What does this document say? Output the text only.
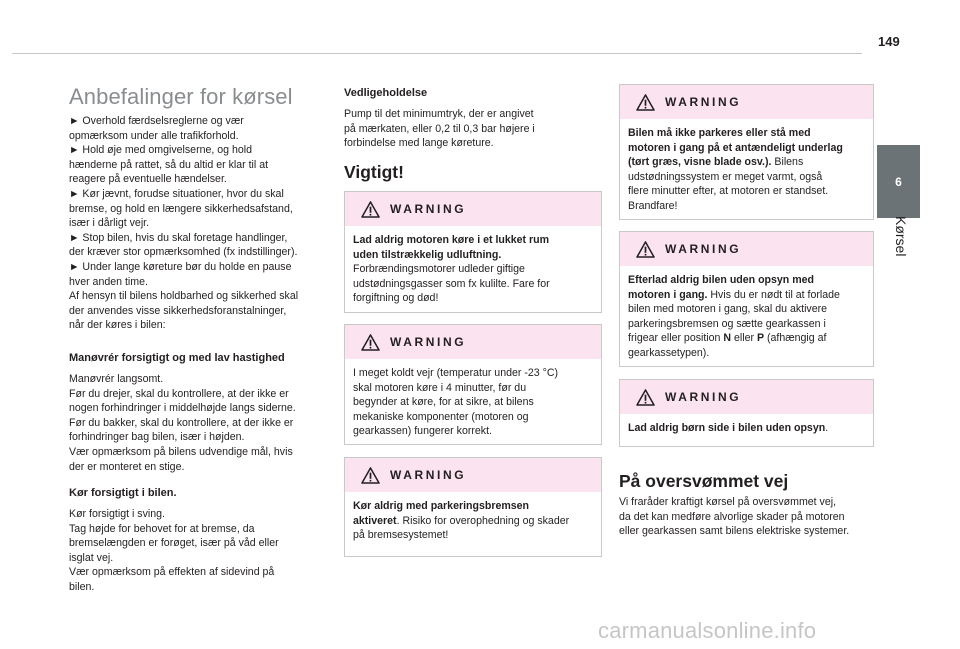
149
6
Kørsel
Anbefalinger for kørsel
► Overhold færdselsreglerne og vær
opmærksom under alle trafikforhold.
► Hold øje med omgivelserne, og hold
hænderne på rattet, så du altid er klar til at
reagere på eventuelle hændelser.
► Kør jævnt, forudse situationer, hvor du skal
bremse, og hold en længere sikkerhedsafstand,
især i dårligt vejr.
► Stop bilen, hvis du skal foretage handlinger,
der kræver stor opmærksomhed (fx indstillinger).
► Under lange køreture bør du holde en pause
hver anden time.
Af hensyn til bilens holdbarhed og sikkerhed skal
der anvendes visse sikkerhedsforanstalninger,
når der køres i bilen:
Manøvrér forsigtigt og med lav hastighed
Manøvrér langsomt.
Før du drejer, skal du kontrollere, at der ikke er
nogen forhindringer i middelhøjde langs siderne.
Før du bakker, skal du kontrollere, at der ikke er
forhindringer bag bilen, især i højden.
Vær opmærksom på bilens udvendige mål, hvis
der er monteret en stige.
Kør forsigtigt i bilen.
Kør forsigtigt i sving.
Tag højde for behovet for at bremse, da
bremselængden er forøget, især på våd eller
isglat vej.
Vær opmærksom på effekten af sidevind på
bilen.
Vedligeholdelse
Pump til det minimumtryk, der er angivet
på mærkaten, eller 0,2 til 0,3 bar højere i
forbindelse med lange køreture.
Vigtigt!
WARNING
Lad aldrig motoren køre i et lukket rum
uden tilstrækkelig udluftning.
Forbrændingsmotorer udleder giftige
udstødningsgasser som fx kulilte. Fare for
forgiftning og død!
WARNING
I meget koldt vejr (temperatur under -23 °C)
skal motoren køre i 4 minutter, før du
begynder at køre, for at sikre, at bilens
mekaniske komponenter (motoren og
gearkassen) fungerer korrekt.
WARNING
Kør aldrig med parkeringsbremsen
aktiveret. Risiko for overophedning og skader
på bremsesystemet!
WARNING
Bilen må ikke parkeres eller stå med
motoren i gang på et antændeligt underlag
(tørt græs, visne blade osv.). Bilens
udstødningssystem er meget varmt, også
flere minutter efter, at motoren er standset.
Brandfare!
WARNING
Efterlad aldrig bilen uden opsyn med
motoren i gang. Hvis du er nødt til at forlade
bilen med motoren i gang, skal du aktivere
parkeringsbremsen og sætte gearkassen i
frigear eller position N eller P (afhængig af
gearkassetypen).
WARNING
Lad aldrig børn side i bilen uden opsyn.
På oversvømmet vej
Vi fraråder kraftigt kørsel på oversvømmet vej,
da det kan medføre alvorlige skader på motoren
eller gearkassen samt bilens elektriske systemer.
carmanualsonline.info
